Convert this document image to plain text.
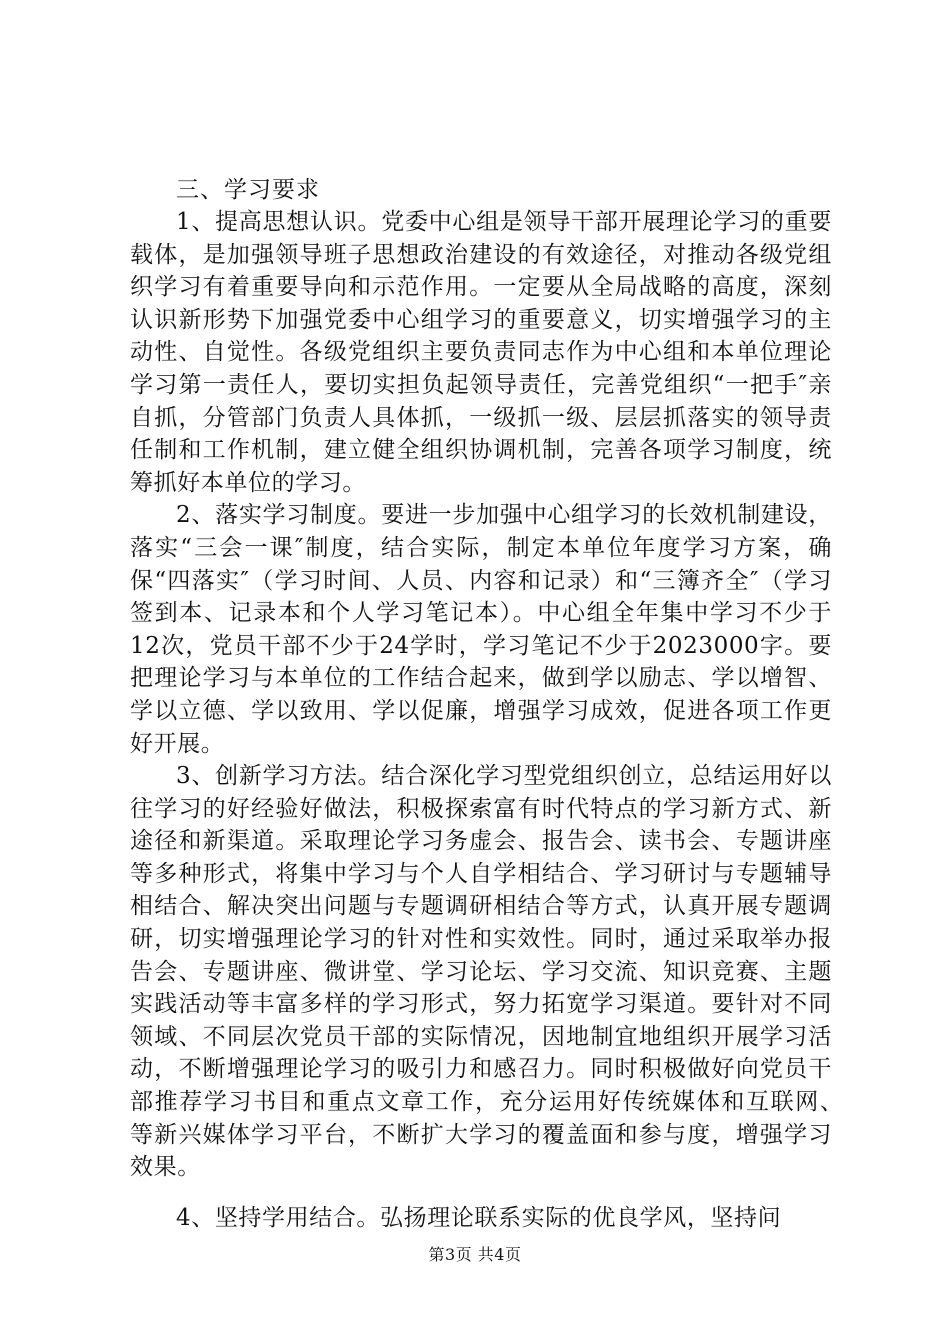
三、学习要求

1、提高思想认识。党委中心组是领导干部开展理论学习的重要载体，是加强领导班子思想政治建设的有效途径，对推动各级党组织学习有着重要导向和示范作用。一定要从全局战略的高度，深刻认识新形势下加强党委中心组学习的重要意义，切实增强学习的主动性、自觉性。各级党组织主要负责同志作为中心组和本单位理论学习第一责任人，要切实担负起领导责任，完善党组织“一把手″亲自抓，分管部门负责人具体抓，一级抓一级、层层抓落实的领导责任制和工作机制，建立健全组织协调机制，完善各项学习制度，统筹抓好本单位的学习。

2、落实学习制度。要进一步加强中心组学习的长效机制建设，落实“三会一课″制度，结合实际，制定本单位年度学习方案，确保“四落实″（学习时间、人员、内容和记录）和“三簿齐全″（学习签到本、记录本和个人学习笔记本）。中心组全年集中学习不少于12次，党员干部不少于24学时，学习笔记不少于2023000字。要把理论学习与本单位的工作结合起来，做到学以励志、学以增智、学以立德、学以致用、学以促廉，增强学习成效，促进各项工作更好开展。

3、创新学习方法。结合深化学习型党组织创立，总结运用好以往学习的好经验好做法，积极探索富有时代特点的学习新方式、新途径和新渠道。采取理论学习务虚会、报告会、读书会、专题讲座等多种形式，将集中学习与个人自学相结合、学习研讨与专题辅导相结合、解决突出问题与专题调研相结合等方式，认真开展专题调研，切实增强理论学习的针对性和实效性。同时，通过采取举办报告会、专题讲座、微讲堂、学习论坛、学习交流、知识竞赛、主题实践活动等丰富多样的学习形式，努力拓宽学习渠道。要针对不同领域、不同层次党员干部的实际情况，因地制宜地组织开展学习活动，不断增强理论学习的吸引力和感召力。同时积极做好向党员干部推荐学习书目和重点文章工作，充分运用好传统媒体和互联网、　 等新兴媒体学习平台，不断扩大学习的覆盖面和参与度，增强学习效果。

4、坚持学用结合。弘扬理论联系实际的优良学风，坚持问

第3页 共4页
